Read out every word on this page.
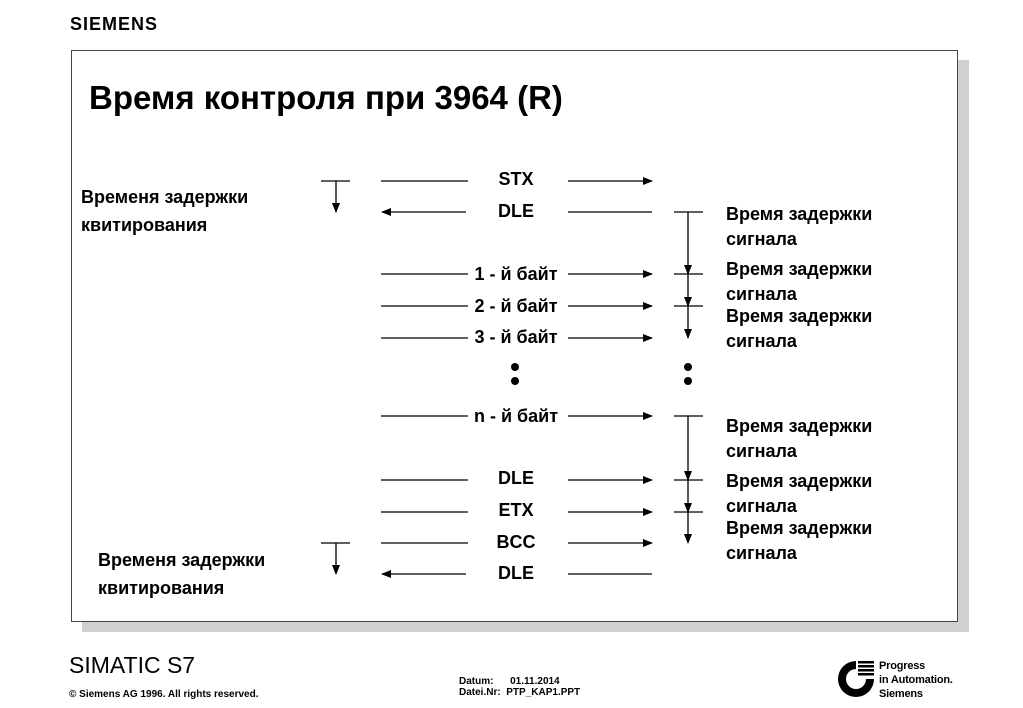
SIEMENS
Время контроля при 3964 (R)
STX
DLE
1 - й байт
2 - й байт
3 - й байт
n - й байт
DLE
ETX
BCC
DLE
Временя задержки
квитирования
Временя задержки
квитирования
Время задержки
сигнала
Время задержки
сигнала
Время задержки
сигнала
Время задержки
сигнала
Время задержки
сигнала
Время задержки
сигнала
SIMATIC S7
© Siemens AG 1996. All rights reserved.
Datum: 01.11.2014
Datei.Nr: PTP_KAP1.PPT
Progress
in Automation.
Siemens
